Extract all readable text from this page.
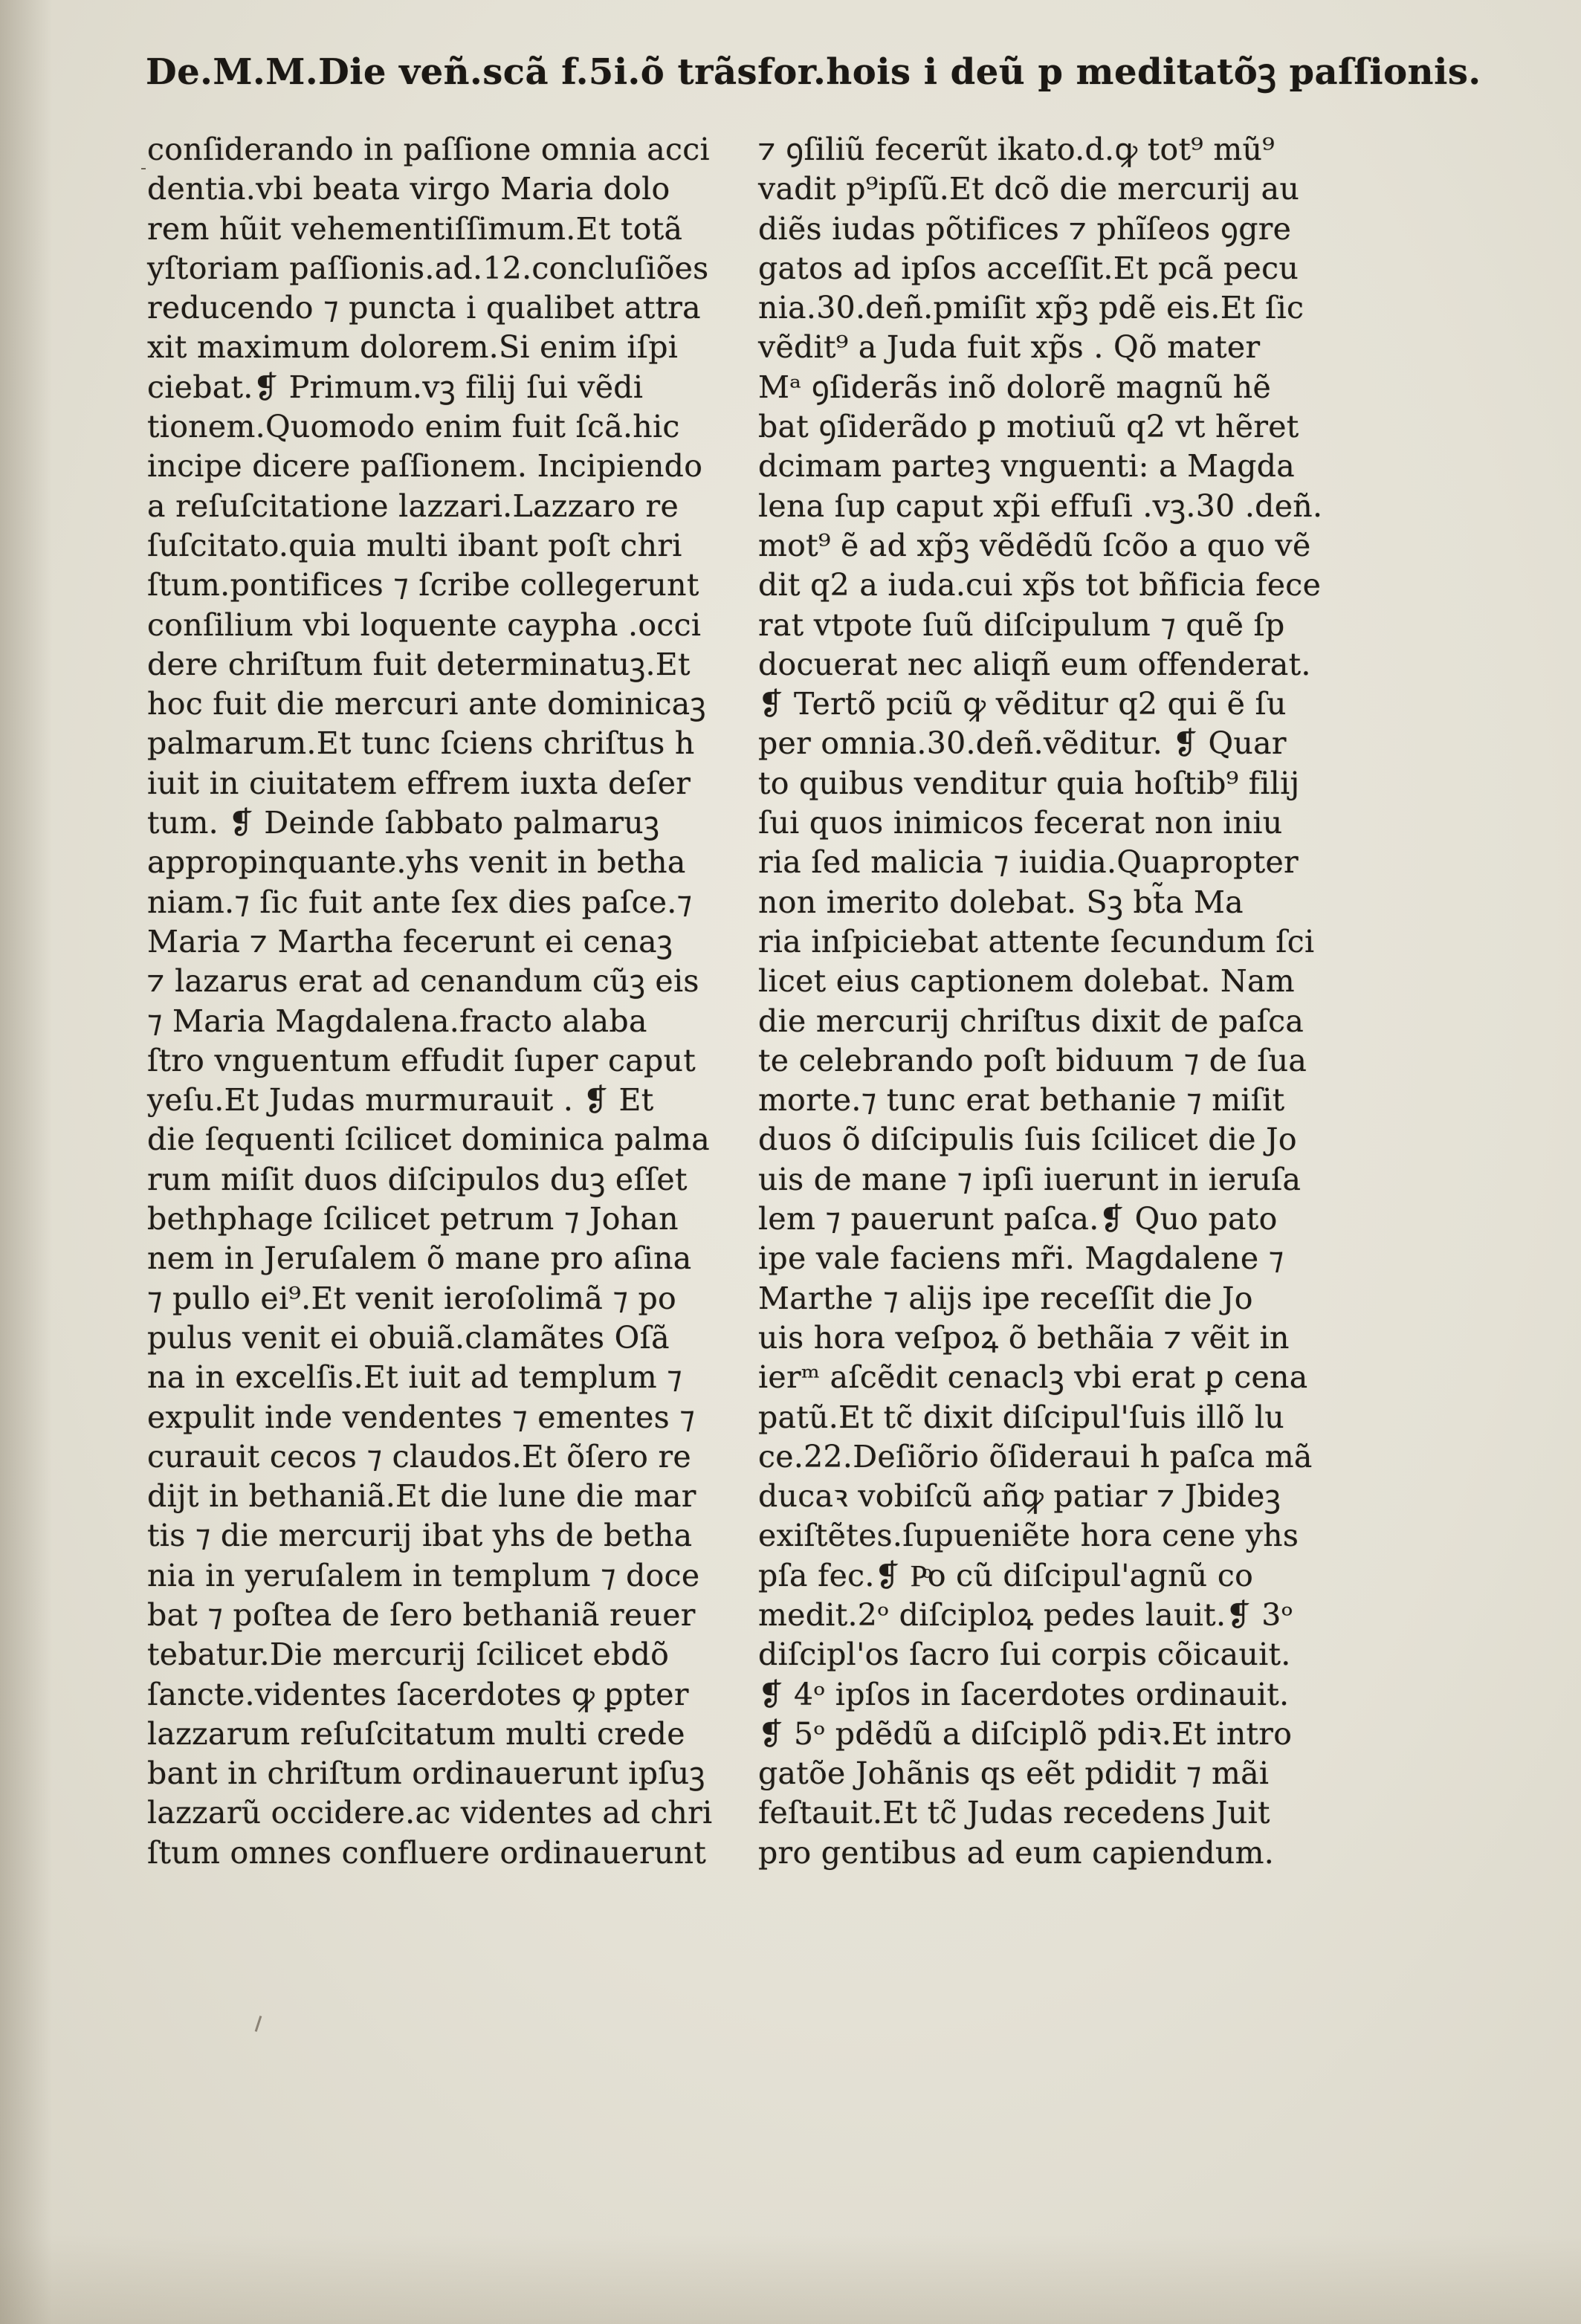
De.M.M.Die veñ.scã f.5i.õ trãsfor.hois i deũ p meditatõꝫ paſſionis.
conſiderando in paſſione omnia acci
dentia.vbi beata virgo Maria dolo
rem hũit vehementiſſimum.Et totã
yſtoriam paſſionis.ad.12.concluſiões
reducendo ⁊ puncta i qualibet attra
xit maximum dolorem.Si enim iſpi
ciebat.❡ Primum.vꝫ filij ſui vẽdi
tionem.Quomodo enim fuit ſcã.hic
incipe dicere paſſionem. Incipiendo
a reſuſcitatione lazzari.Lazzaro re
ſuſcitato.quia multi ibant poſt chri
ſtum.pontifices ⁊ ſcribe collegerunt
conſilium vbi loquente caypha .occi
dere chriſtum fuit determinatuꝫ.Et
hoc fuit die mercuri ante dominicaꝫ
palmarum.Et tunc ſciens chriſtus h
iuit in ciuitatem effrem iuxta deſer
tum. ❡ Deinde ſabbato palmaruꝫ
appropinquante.yhs venit in betha
niam.⁊ ſic fuit ante ſex dies paſce.⁊
Maria ⁊ Martha fecerunt ei cenaꝫ
⁊ lazarus erat ad cenandum cũꝫ eis
⁊ Maria Magdalena.fracto alaba
ſtro vnguentum effudit ſuper caput
yeſu.Et Judas murmurauit . ❡ Et
die ſequenti ſcilicet dominica palma
rum miſit duos diſcipulos duꝫ eſſet
bethphage ſcilicet petrum ⁊ Johan
nem in Jeruſalem õ mane pro aſina
⁊ pullo ei⁹.Et venit ieroſolimã ⁊ po
pulus venit ei obuiã.clamãtes Oſã
na in excelſis.Et iuit ad templum ⁊
expulit inde vendentes ⁊ ementes ⁊
curauit cecos ⁊ claudos.Et õſero re
dijt in bethaniã.Et die lune die mar
tis ⁊ die mercurij ibat yhs de betha
nia in yeruſalem in templum ⁊ doce
bat ⁊ poſtea de ſero bethaniã reuer
tebatur.Die mercurij ſcilicet ebdõ
ſancte.videntes ſacerdotes ꝙ ꝑpter
lazzarum reſuſcitatum multi crede
bant in chriſtum ordinauerunt ipſuꝫ
lazzarũ occidere.ac videntes ad chri
ſtum omnes confluere ordinauerunt
⁊ ꝯſiliũ fecerũt ikato.d.ꝙ tot⁹ mũ⁹
vadit p⁹ipſũ.Et dcõ die mercurij au
diẽs iudas põtifices ⁊ phĩſeos ꝯgre
gatos ad ipſos acceſſit.Et pcã pecu
nia.30.deñ.pmiſit xp̃ꝫ pdẽ eis.Et ſic
vẽdit⁹ a Juda fuit xp̃s . Qõ mater
Mᵃ ꝯſiderãs inõ dolorẽ magnũ hẽ
bat ꝯſiderãdo ꝑ motiuũ q2 vt hẽret
dcimam parteꝫ vnguenti: a Magda
lena ſup caput xp̃i effuſi .vꝫ.30 .deñ.
mot⁹ ẽ ad xp̃ꝫ vẽdẽdũ ſcõo a quo vẽ
dit q2 a iuda.cui xp̃s tot bñficia fece
rat vtpote ſuũ diſcipulum ⁊ quẽ ſp
docuerat nec aliqñ eum offenderat.
❡ Tertõ pciũ ꝙ vẽditur q2 qui ẽ ſu
per omnia.30.deñ.vẽditur. ❡ Quar
to quibus venditur quia hoſtib⁹ filij
ſui quos inimicos fecerat non iniu
ria ſed malicia ⁊ iuidia.Quapropter
non imerito dolebat. Sꝫ bt̃a Ma
ria inſpiciebat attente ſecundum ſci
licet eius captionem dolebat. Nam
die mercurij chriſtus dixit de paſca
te celebrando poſt biduum ⁊ de ſua
morte.⁊ tunc erat bethanie ⁊ miſit
duos õ diſcipulis ſuis ſcilicet die Jo
uis de mane ⁊ ipſi iuerunt in ieruſa
lem ⁊ pauerunt paſca.❡ Quo pato
ipe vale faciens mr̃i. Magdalene ⁊
Marthe ⁊ alijs ipe receſſit die Jo
uis hora veſpoꝝ õ bethãia ⁊ vẽit in
ierᵐ aſcẽdit cenaclꝫ vbi erat ꝑ cena
patũ.Et tc̃ dixit diſcipul'ſuis illõ lu
ce.22.Deſiõrio õſideraui h paſca mã
ducaꝛ vobiſcũ añꝙ patiar ⁊ Jbideꝫ
exiſtẽtes.ſupueniẽte hora cene yhs
pſa fec.❡ Pͦo cũ diſcipul'agnũ co
medit.2ᵒ diſciploꝝ pedes lauit.❡ 3ᵒ
diſcipl'os ſacro ſui corpis cõicauit.
❡ 4ᵒ ipſos in ſacerdotes ordinauit.
❡ 5ᵒ pdẽdũ a diſciplõ pdiꝛ.Et intro
gatõe Johãnis qs eẽt pdidit ⁊ mãi
feſtauit.Et tc̃ Judas recedens Juit
pro gentibus ad eum capiendum.
